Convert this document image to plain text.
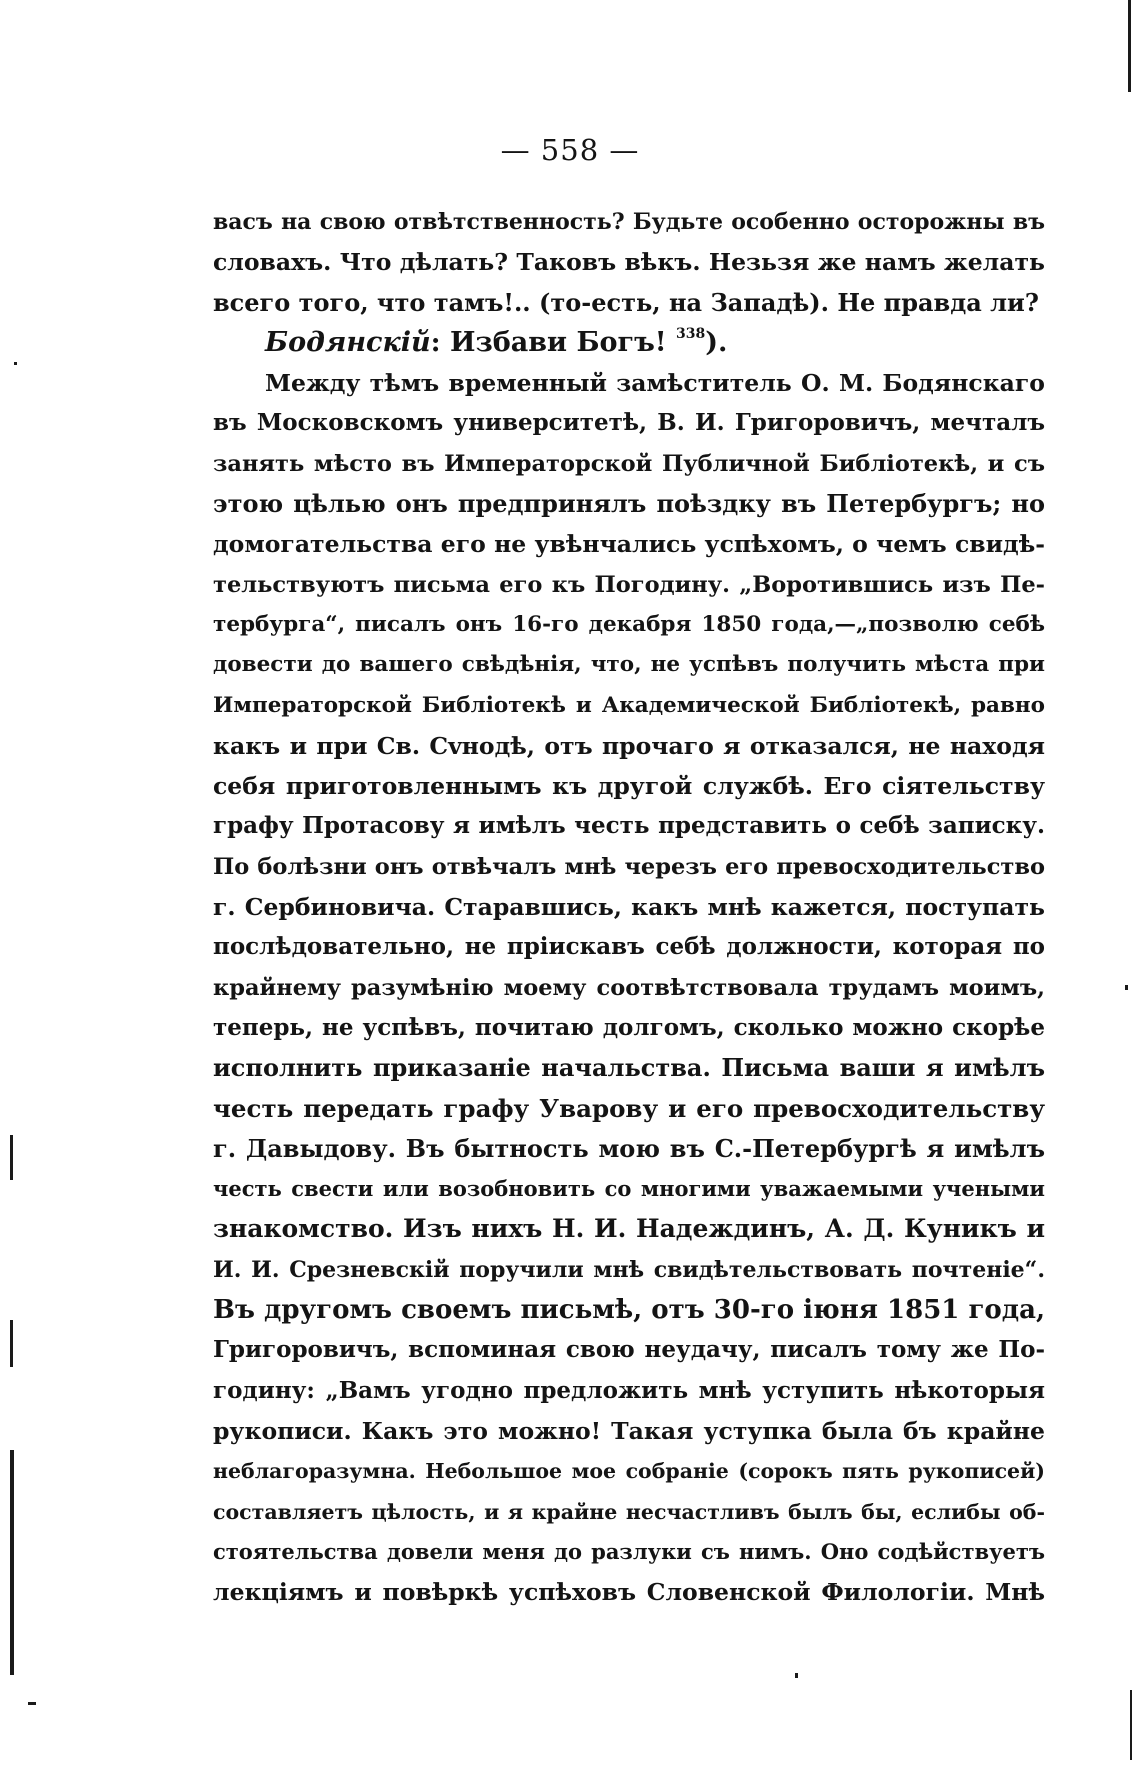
— 558 —
васъ на свою отвѣтственность? Будьте особенно осторожны въ
словахъ. Что дѣлать? Таковъ вѣкъ. Незьзя же намъ желать
всего того, что тамъ!.. (то-есть, на Западѣ). Не правда ли?
Бодянскій: Избави Богъ! $^{338}$).
Между тѣмъ временный замѣститель О. М. Бодянскаго
въ Московскомъ университетѣ, В. И. Григоровичъ, мечталъ
занять мѣсто въ Императорской Публичной Библіотекѣ, и съ
этою цѣлью онъ предпринялъ поѣздку въ Петербургъ; но
домогательства его не увѣнчались успѣхомъ, о чемъ свидѣ-
тельствуютъ письма его къ Погодину. „Воротившись изъ Пе-
тербурга“, писалъ онъ 16-го декабря 1850 года,—„позволю себѣ
довести до вашего свѣдѣнія, что, не успѣвъ получить мѣста при
Императорской Библіотекѣ и Академической Библіотекѣ, равно
какъ и при Св. Сvнодѣ, отъ прочаго я отказался, не находя
себя приготовленнымъ къ другой службѣ. Его сіятельству
графу Протасову я имѣлъ честь представить о себѣ записку.
По болѣзни онъ отвѣчалъ мнѣ черезъ его превосходительство
г. Сербиновича. Старавшись, какъ мнѣ кажется, поступать
послѣдовательно, не пріискавъ себѣ должности, которая по
крайнему разумѣнію моему соотвѣтствовала трудамъ моимъ,
теперь, не успѣвъ, почитаю долгомъ, сколько можно скорѣе
исполнить приказаніе начальства. Письма ваши я имѣлъ
честь передать графу Уварову и его превосходительству
г. Давыдову. Въ бытность мою въ С.-Петербургѣ я имѣлъ
честь свести или возобновить со многими уважаемыми учеными
знакомство. Изъ нихъ Н. И. Надеждинъ, А. Д. Куникъ и
И. И. Срезневскій поручили мнѣ свидѣтельствовать почтеніе“.
Въ другомъ своемъ письмѣ, отъ 30-го іюня 1851 года,
Григоровичъ, вспоминая свою неудачу, писалъ тому же По-
годину: „Вамъ угодно предложить мнѣ уступить нѣкоторыя
рукописи. Какъ это можно! Такая уступка была бъ крайне
неблагоразумна. Небольшое мое собраніе (сорокъ пять рукописей)
составляетъ цѣлость, и я крайне несчастливъ былъ бы, еслибы об-
стоятельства довели меня до разлуки съ нимъ. Оно содѣйствуетъ
лекціямъ и повѣркѣ успѣховъ Словенской Филологіи. Мнѣ
